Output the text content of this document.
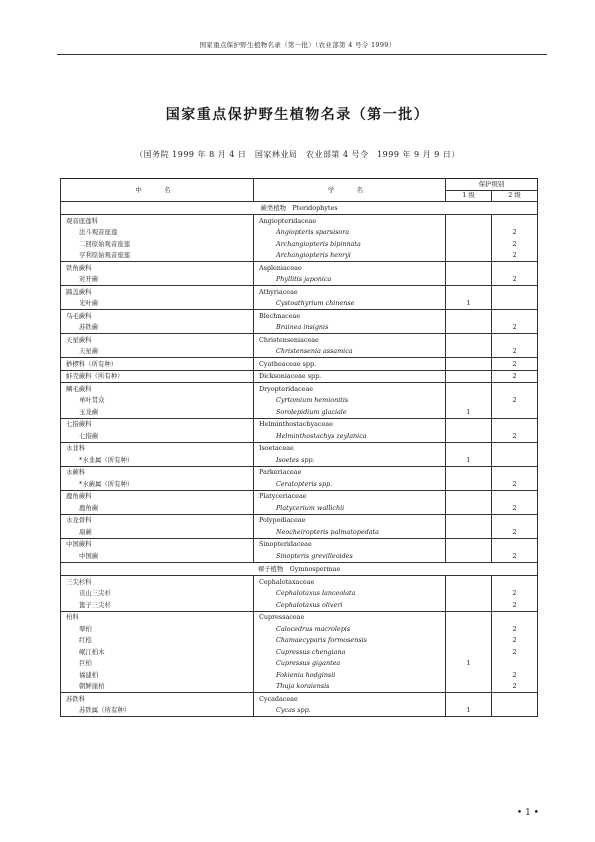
国家重点保护野生植物名录（第一批）（农业部第 4 号令 1999）
国家重点保护野生植物名录（第一批）
（国务院 1999 年 8 月 4 日　国家林业局　农业部第 4 号令　1999 年 9 月 9 日）
中　名	学　名	保护级别	
		1 级	2 级
蕨类植物　Pteridophytes			
观音座莲科	Angiopteridaceae		
法斗观音座莲	Angiopteris sparsisora		2
二回原始观音座莲	Archangiopteris bipinnata		2
亨利原始观音座莲	Archangiopteris henryi		2
铁角蕨科	Aspleniaceae		
对开蕨	Phyllitis japonica		2
蹄盖蕨科	Athyriaceae		
光叶蕨	Cystoathyrium chinense	1	
乌毛蕨科	Blechnaceae		
苏铁蕨	Brainea insignis		2
天星蕨科	Christenseniaceae		
天星蕨	Christensenia assamica		2
桫椤科（所有种）	Cyatheaceae spp.		2
蚌壳蕨科（所有种）	Dicksoniaceae spp.		2
鳞毛蕨科	Dryopteridaceae		
单叶贯众	Cyrtomium hemionitis		2
玉龙蕨	Sorolepidium glaciale	1	
七指蕨科	Helminthostachyaceae		
七指蕨	Helminthostachys zeylanica		2
水韭科	Isoetaceae		
*水韭属（所有种）	Isoetes spp.	1	
水蕨科	Parkeriaceae		
*水蕨属（所有种）	Ceratopteris spp.		2
鹿角蕨科	Platyceriaceae		
鹿角蕨	Platycerium wallichii		2
水龙骨科	Polypodiaceae		
扇蕨	Neocheiropteris palmatopedata		2
中国蕨科	Sinopteridaceae		
中国蕨	Sinopteris grevilleoides		2
裸子植物　Gymnospermae			
三尖杉科	Cephalotaxaceae		
贡山三尖杉	Cephalotaxus lanceolata		2
篦子三尖杉	Cephalotaxus oliveri		2
柏科	Cupressaceae		
翠柏	Calocedrus macrolepis		2
红桧	Chamaecyparis formosensis		2
岷江柏木	Cupressus chengiana		2
巨柏	Cupressus gigantea	1	
福建柏	Fokienia hodginsii		2
朝鲜崖柏	Thuja koraiensis		2
苏铁科	Cycadaceae		
苏铁属（所有种）	Cycas spp.	1	
• 1 •
